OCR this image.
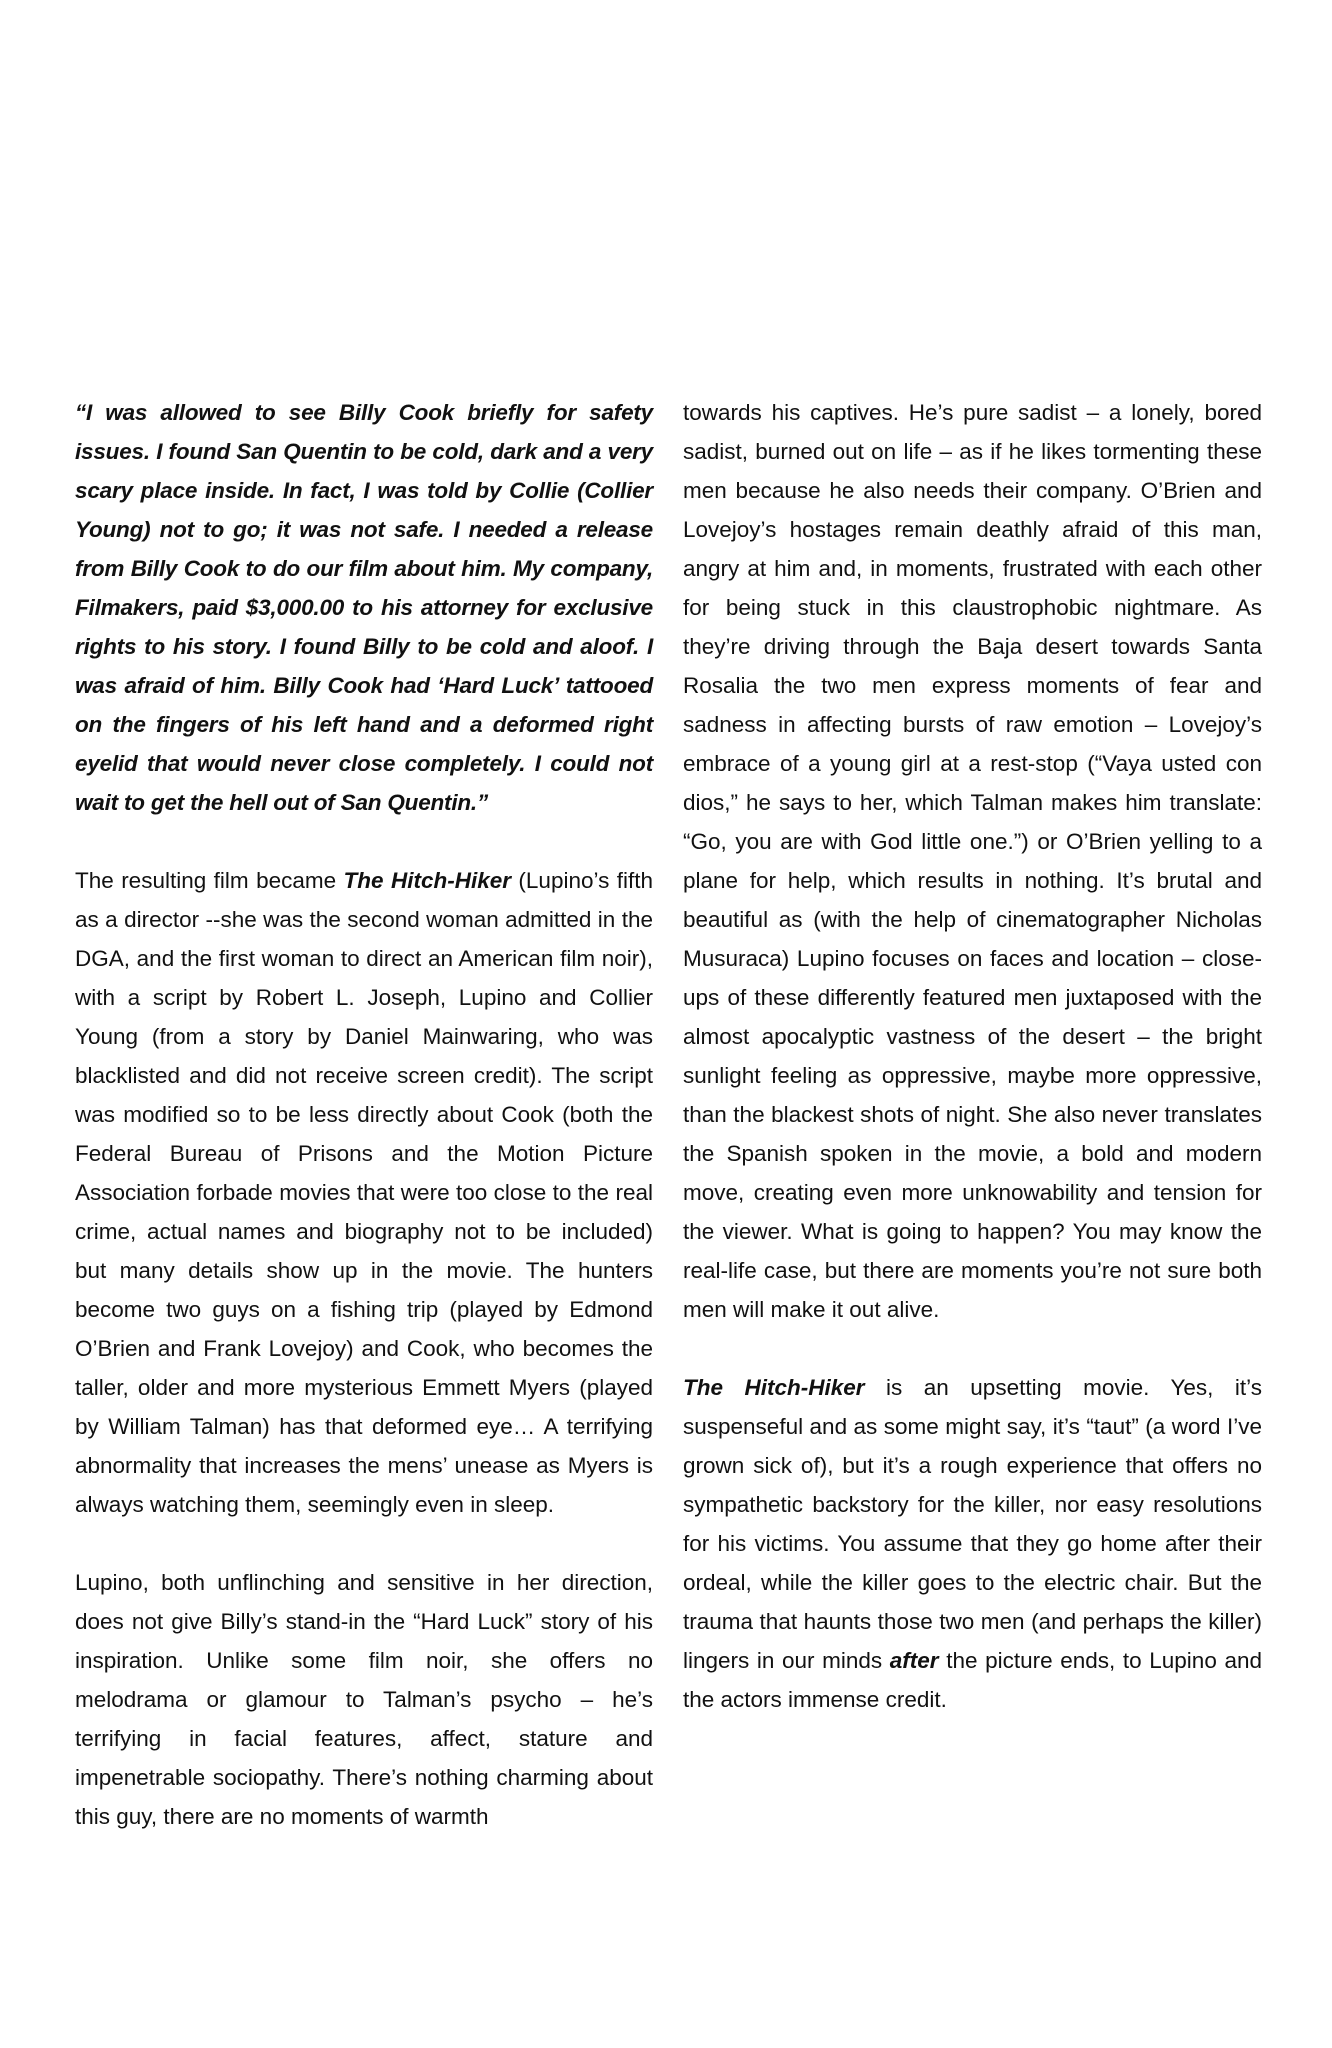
“I was allowed to see Billy Cook briefly for safety issues. I found San Quentin to be cold, dark and a very scary place inside. In fact, I was told by Collie (Collier Young) not to go; it was not safe. I needed a release from Billy Cook to do our film about him. My company, Filmakers, paid $3,000.00 to his attorney for exclusive rights to his story. I found Billy to be cold and aloof. I was afraid of him. Billy Cook had ‘Hard Luck’ tattooed on the fingers of his left hand and a deformed right eyelid that would never close completely. I could not wait to get the hell out of San Quentin.”

The resulting film became The Hitch-Hiker (Lupino’s fifth as a director --she was the second woman admitted in the DGA, and the first woman to direct an American film noir), with a script by Robert L. Joseph, Lupino and Collier Young (from a story by Daniel Mainwaring, who was blacklisted and did not receive screen credit). The script was modified so to be less directly about Cook (both the Federal Bureau of Prisons and the Motion Picture Association forbade movies that were too close to the real crime, actual names and biography not to be included) but many details show up in the movie. The hunters become two guys on a fishing trip (played by Edmond O’Brien and Frank Lovejoy) and Cook, who becomes the taller, older and more mysterious Emmett Myers (played by William Talman) has that deformed eye… A terrifying abnormality that increases the mens’ unease as Myers is always watching them, seemingly even in sleep.

Lupino, both unflinching and sensitive in her direction, does not give Billy’s stand-in the “Hard Luck” story of his inspiration. Unlike some film noir, she offers no melodrama or glamour to Talman’s psycho – he’s terrifying in facial features, affect, stature and impenetrable sociopathy. There’s nothing charming about this guy, there are no moments of warmth

towards his captives. He’s pure sadist – a lonely, bored sadist, burned out on life – as if he likes tormenting these men because he also needs their company. O’Brien and Lovejoy’s hostages remain deathly afraid of this man, angry at him and, in moments, frustrated with each other for being stuck in this claustrophobic nightmare. As they’re driving through the Baja desert towards Santa Rosalia the two men express moments of fear and sadness in affecting bursts of raw emotion – Lovejoy’s embrace of a young girl at a rest-stop (“Vaya usted con dios,” he says to her, which Talman makes him translate: “Go, you are with God little one.”) or O’Brien yelling to a plane for help, which results in nothing. It’s brutal and beautiful as (with the help of cinematographer Nicholas Musuraca) Lupino focuses on faces and location – close-ups of these differently featured men juxtaposed with the almost apocalyptic vastness of the desert – the bright sunlight feeling as oppressive, maybe more oppressive, than the blackest shots of night. She also never translates the Spanish spoken in the movie, a bold and modern move, creating even more unknowability and tension for the viewer. What is going to happen? You may know the real-life case, but there are moments you’re not sure both men will make it out alive.

The Hitch-Hiker is an upsetting movie. Yes, it’s suspenseful and as some might say, it’s “taut” (a word I’ve grown sick of), but it’s a rough experience that offers no sympathetic backstory for the killer, nor easy resolutions for his victims. You assume that they go home after their ordeal, while the killer goes to the electric chair. But the trauma that haunts those two men (and perhaps the killer) lingers in our minds after the picture ends, to Lupino and the actors immense credit.
